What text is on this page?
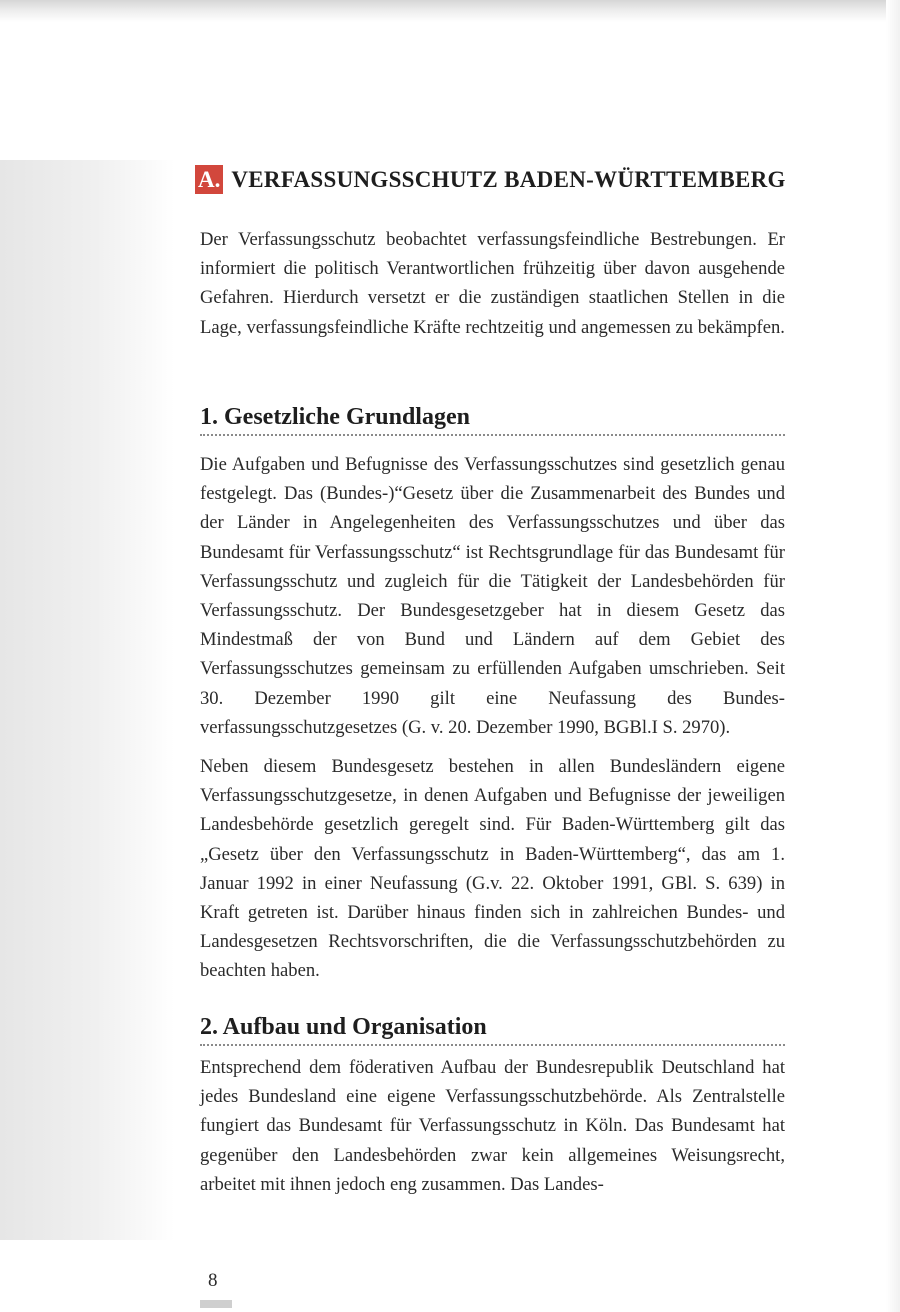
A. VERFASSUNGSSCHUTZ BADEN-WÜRTTEMBERG

Der Verfassungsschutz beobachtet verfassungsfeindliche Bestrebungen. Er informiert die politisch Verantwortlichen frühzeitig über davon ausgehende Gefahren. Hierdurch versetzt er die zuständigen staatlichen Stellen in die Lage, verfassungsfeindliche Kräfte rechtzeitig und angemessen zu bekämpfen.

1. Gesetzliche Grundlagen

Die Aufgaben und Befugnisse des Verfassungsschutzes sind gesetzlich genau festgelegt. Das (Bundes-)“Gesetz über die Zusammenarbeit des Bundes und der Länder in Angelegenheiten des Verfassungsschutzes und über das Bundesamt für Verfassungsschutz“ ist Rechtsgrundlage für das Bundesamt für Verfassungsschutz und zugleich für die Tätigkeit der Landesbehörden für Verfassungsschutz. Der Bundesgesetzgeber hat in diesem Gesetz das Mindestmaß der von Bund und Ländern auf dem Gebiet des Verfassungsschutzes gemeinsam zu erfüllenden Aufgaben umschrieben. Seit 30. Dezember 1990 gilt eine Neufassung des Bundesverfassungsschutzgesetzes (G. v. 20. Dezember 1990, BGBl.I S. 2970).

Neben diesem Bundesgesetz bestehen in allen Bundesländern eigene Verfassungsschutzgesetze, in denen Aufgaben und Befugnisse der jeweiligen Landesbehörde gesetzlich geregelt sind. Für Baden-Württemberg gilt das „Gesetz über den Verfassungsschutz in Baden-Württemberg“, das am 1. Januar 1992 in einer Neufassung (G.v. 22. Oktober 1991, GBl. S. 639) in Kraft getreten ist. Darüber hinaus finden sich in zahlreichen Bundes- und Landesgesetzen Rechtsvorschriften, die die Verfassungsschutzbehörden zu beachten haben.

2. Aufbau und Organisation

Entsprechend dem föderativen Aufbau der Bundesrepublik Deutschland hat jedes Bundesland eine eigene Verfassungsschutzbehörde. Als Zentralstelle fungiert das Bundesamt für Verfassungsschutz in Köln. Das Bundesamt hat gegenüber den Landesbehörden zwar kein allgemeines Weisungsrecht, arbeitet mit ihnen jedoch eng zusammen. Das Landes-

8
